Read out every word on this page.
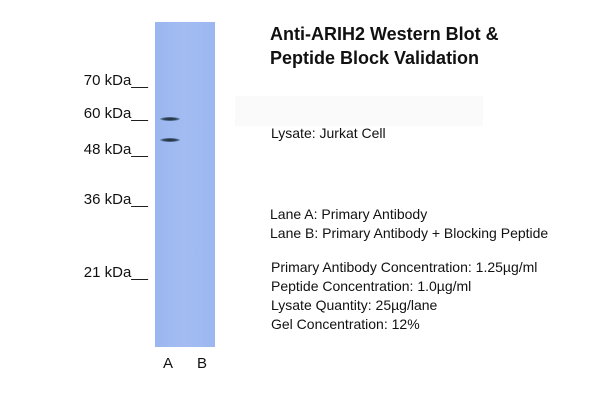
70 kDa__
60 kDa__
48 kDa__
36 kDa__
21 kDa__
A B
Anti-ARIH2 Western Blot &
Peptide Block Validation
Lysate: Jurkat Cell
Lane A: Primary Antibody
Lane B: Primary Antibody + Blocking Peptide
Primary Antibody Concentration: 1.25µg/ml
Peptide Concentration: 1.0µg/ml
Lysate Quantity: 25µg/lane
Gel Concentration: 12%
